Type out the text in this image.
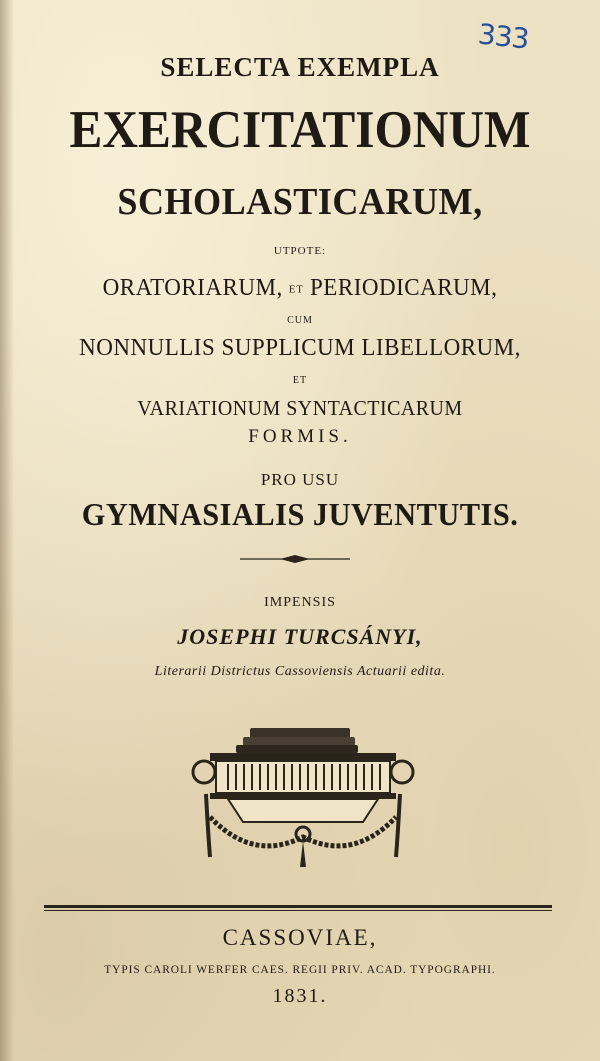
333
SELECTA EXEMPLA
EXERCITATIONUM
SCHOLASTICARUM,
UTPOTE:
ORATORIARUM, ET PERIODICARUM,
CUM
NONNULLIS SUPPLICUM LIBELLORUM,
ET
VARIATIONUM SYNTACTICARUM
FORMIS.
PRO USU
GYMNASIALIS JUVENTUTIS.
IMPENSIS
JOSEPHI TURCSÁNYI,
Literarii Districtus Cassoviensis Actuarii edita.
CASSOVIAE,
TYPIS CAROLI WERFER CAES. REGII PRIV. ACAD. TYPOGRAPHI.
1831.
